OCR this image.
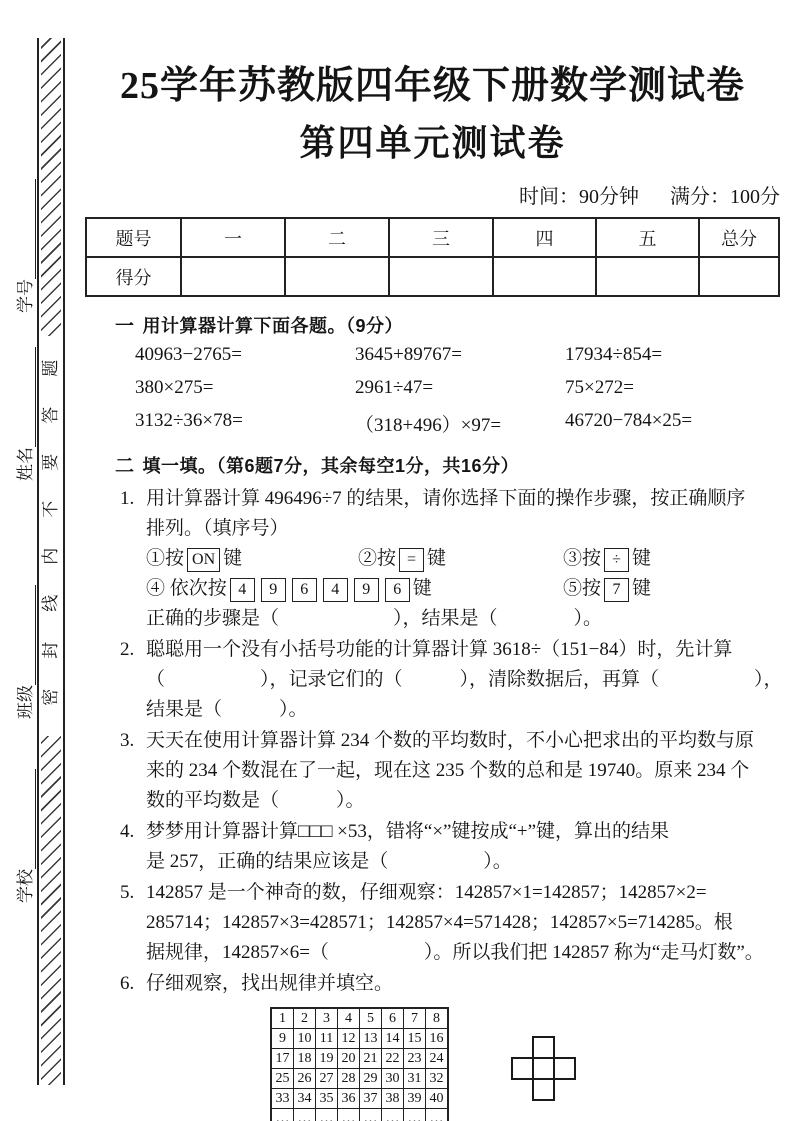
学校
班级
姓名
学号
密
封
线
内
不
要
答
题
25学年苏教版四年级下册数学测试卷
第四单元测试卷
时间：90分钟 满分：100分
题号	一	二	三	四	五	总分
得分						
一 用计算器计算下面各题。（9分）
40963−2765=	3645+89767=	17934÷854=
380×275=	2961÷47=	75×272=
3132÷36×78=	（318+496）×97=	46720−784×25=
二 填一填。（第6题7分，其余每空1分，共16分）
1. 用计算器计算 496496÷7 的结果，请你选择下面的操作步骤，按正确顺序
排列。（填序号）
①按 ON 键	②按 = 键	③按 ÷ 键
④ 依次按 4 9 6 4 9 6 键	⑤按 7 键
正确的步骤是（　　　　　　），结果是（　　　　）。
2. 聪聪用一个没有小括号功能的计算器计算 3618÷（151−84）时，先计算
（　　　　　），记录它们的（　　　），清除数据后，再算（　　　　　），
结果是（　　　）。
3. 天天在使用计算器计算 234 个数的平均数时，不小心把求出的平均数与原
来的 234 个数混在了一起，现在这 235 个数的总和是 19740。原来 234 个
数的平均数是（　　　）。
4. 梦梦用计算器计算□□□ ×53，错将“×”键按成“+”键，算出的结果
是 257，正确的结果应该是（　　　　　）。
5. 142857 是一个神奇的数，仔细观察：142857×1=142857；142857×2=
285714；142857×3=428571；142857×4=571428；142857×5=714285。根
据规律，142857×6=（　　　　　）。所以我们把 142857 称为“走马灯数”。
6. 仔细观察，找出规律并填空。
1	2	3	4	5	6	7	8
9	10	11	12	13	14	15	16
17	18	19	20	21	22	23	24
25	26	27	28	29	30	31	32
33	34	35	36	37	38	39	40
…	…	…	…	…	…	…	…
